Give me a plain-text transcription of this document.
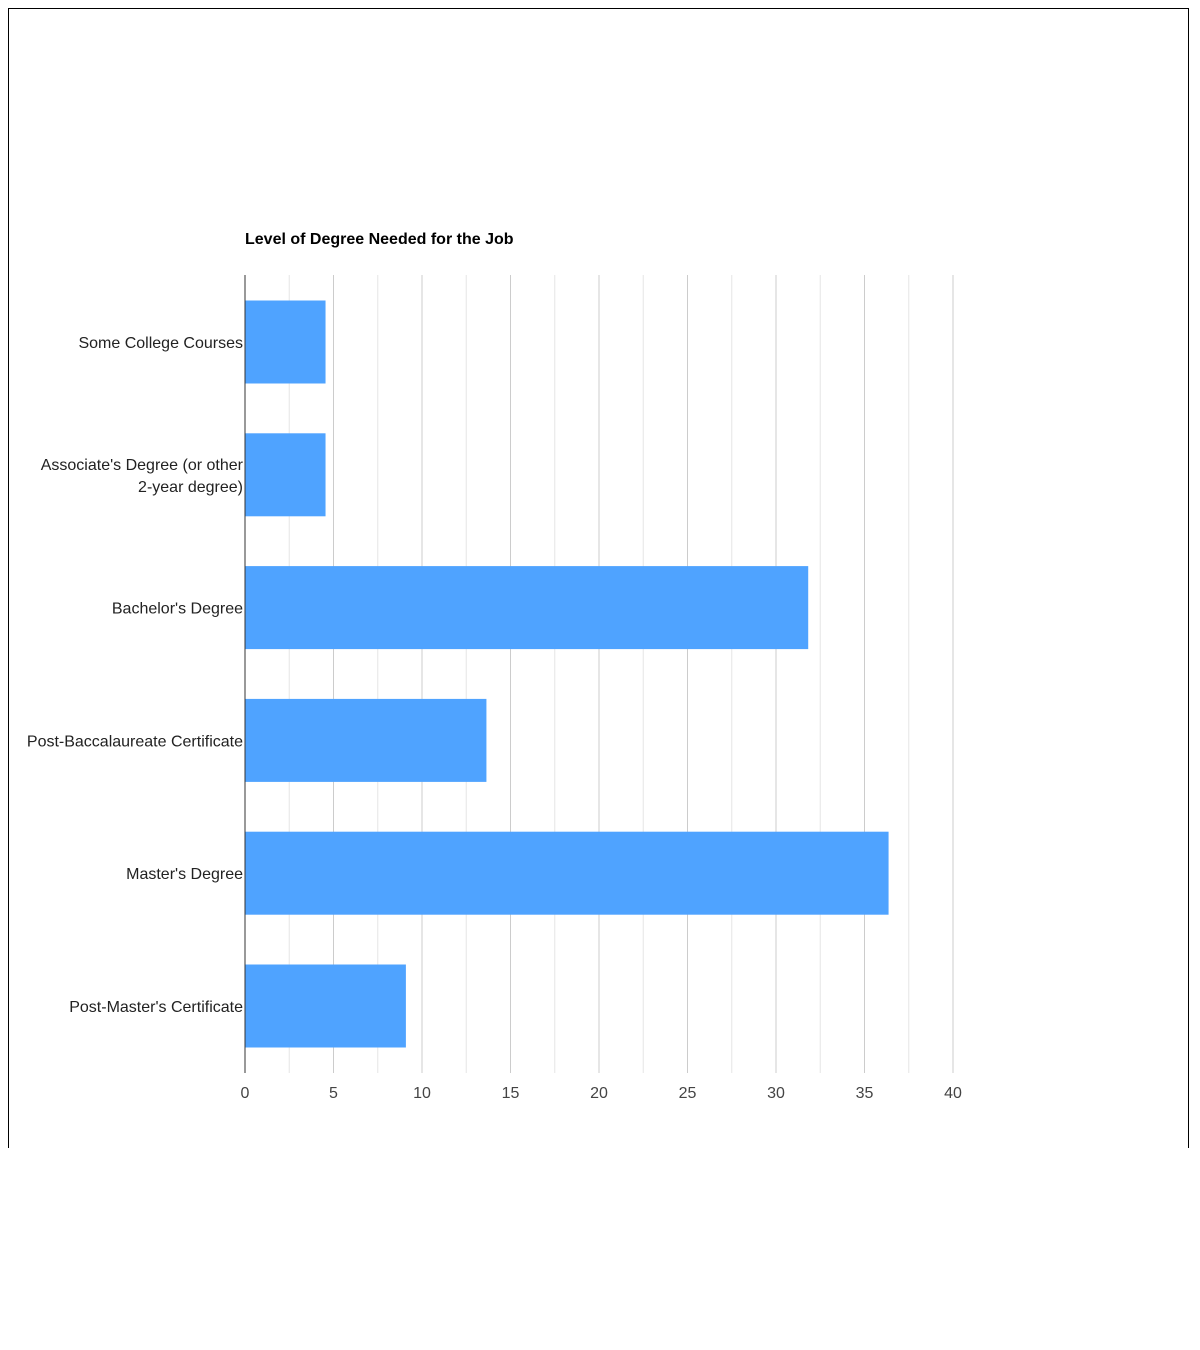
Level of Degree Needed for the Job
Some College Courses
Associate's Degree (or other
2-year degree)
Bachelor's Degree
Post-Baccalaureate Certificate
Master's Degree
Post-Master's Certificate
0	5	10	15	20	25	30	35	40
